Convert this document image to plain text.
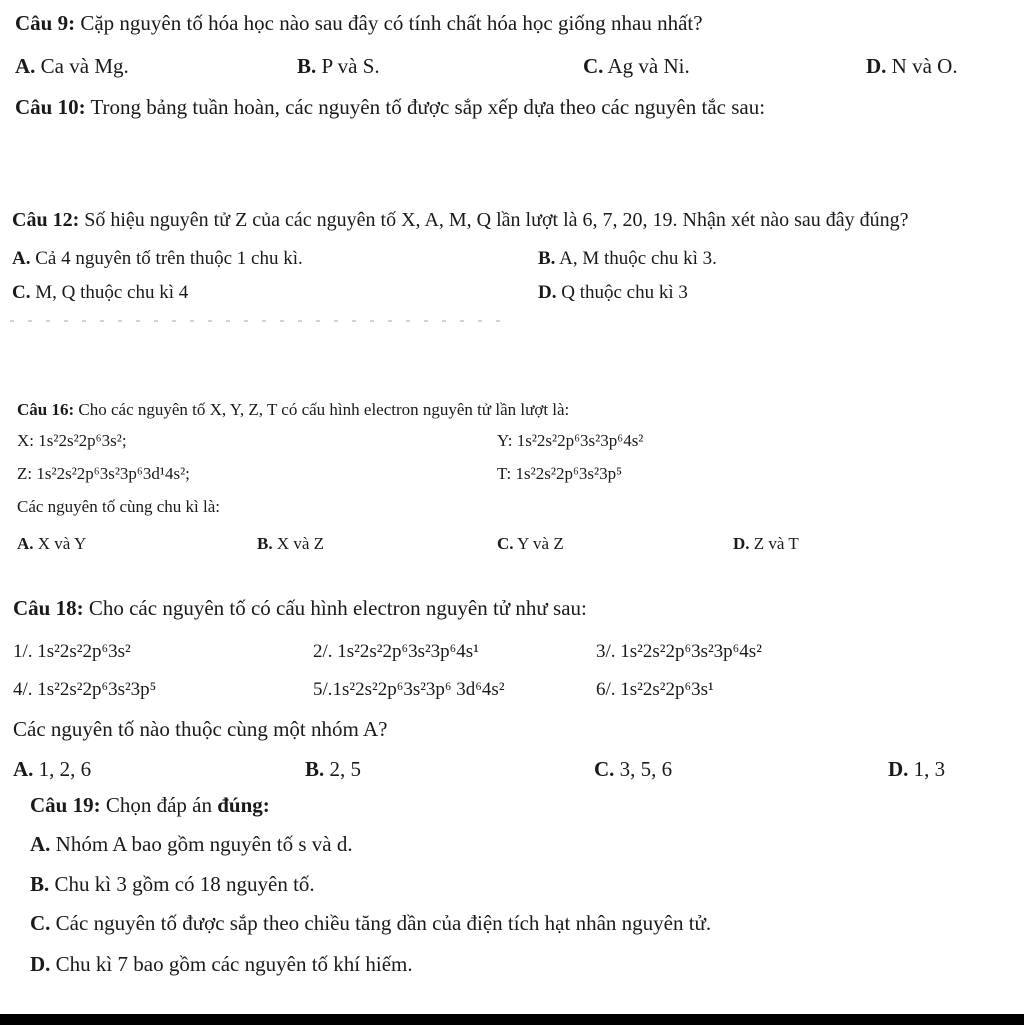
Câu 9: Cặp nguyên tố hóa học nào sau đây có tính chất hóa học giống nhau nhất?
A. Ca và Mg.	B. P và S.	C. Ag và Ni.	D. N và O.
Câu 10: Trong bảng tuần hoàn, các nguyên tố được sắp xếp dựa theo các nguyên tắc sau:
Câu 12: Số hiệu nguyên tử Z của các nguyên tố X, A, M, Q lần lượt là 6, 7, 20, 19. Nhận xét nào sau đây đúng?
A. Cả 4 nguyên tố trên thuộc 1 chu kì.	B. A, M thuộc chu kì 3.
C. M, Q thuộc chu kì 4	D. Q thuộc chu kì 3
Câu 16: Cho các nguyên tố X, Y, Z, T có cấu hình electron nguyên tử lần lượt là:
X: 1s²2s²2p⁶3s²;	Y: 1s²2s²2p⁶3s²3p⁶4s²
Z: 1s²2s²2p⁶3s²3p⁶3d¹4s²;	T: 1s²2s²2p⁶3s²3p⁵
Các nguyên tố cùng chu kì là:
A. X và Y	B. X và Z	C. Y và Z	D. Z và T
Câu 18: Cho các nguyên tố có cấu hình electron nguyên tử như sau:
1/. 1s²2s²2p⁶3s²	2/. 1s²2s²2p⁶3s²3p⁶4s¹	3/. 1s²2s²2p⁶3s²3p⁶4s²
4/. 1s²2s²2p⁶3s²3p⁵	5/.1s²2s²2p⁶3s²3p⁶ 3d⁶4s²	6/. 1s²2s²2p⁶3s¹
Các nguyên tố nào thuộc cùng một nhóm A?
A. 1, 2, 6	B. 2, 5	C. 3, 5, 6	D. 1, 3
Câu 19: Chọn đáp án đúng:
A. Nhóm A bao gồm nguyên tố s và d.
B. Chu kì 3 gồm có 18 nguyên tố.
C. Các nguyên tố được sắp theo chiều tăng dần của điện tích hạt nhân nguyên tử.
D. Chu kì 7 bao gồm các nguyên tố khí hiếm.
